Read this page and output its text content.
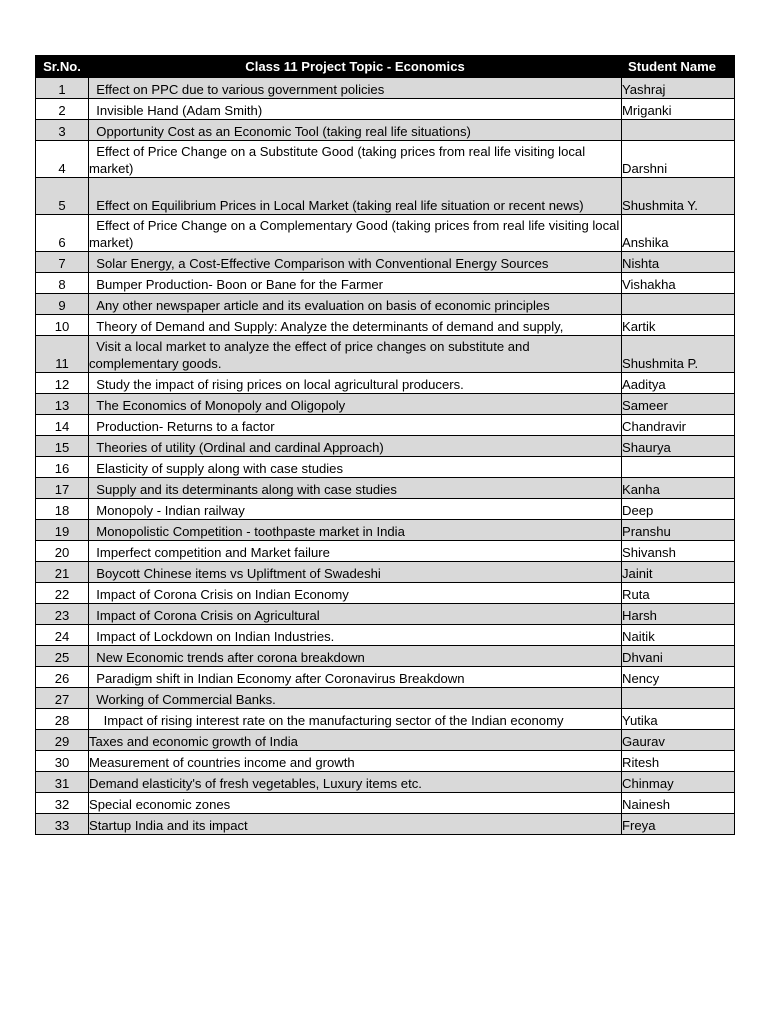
Sr.No.	Class 11 Project Topic - Economics	Student Name
1	Effect on PPC due to various government policies	Yashraj
2	Invisible Hand (Adam Smith)	Mriganki
3	Opportunity Cost as an Economic Tool (taking real life situations)	
4	Effect of Price Change on a Substitute Good (taking prices from real life visiting local market)	Darshni
5	Effect on Equilibrium Prices in Local Market (taking real life situation or recent news)	Shushmita Y.
6	Effect of Price Change on a Complementary Good (taking prices from real life visiting local market)	Anshika
7	Solar Energy, a Cost-Effective Comparison with Conventional Energy Sources	Nishta
8	Bumper Production- Boon or Bane for the Farmer	Vishakha
9	Any other newspaper article and its evaluation on basis of economic principles	
10	Theory of Demand and Supply: Analyze the determinants of demand and supply,	Kartik
11	Visit a local market to analyze the effect of price changes on substitute and complementary goods.	Shushmita P.
12	Study the impact of rising prices on local agricultural producers.	Aaditya
13	The Economics of Monopoly and Oligopoly	Sameer
14	Production- Returns to a factor	Chandravir
15	Theories of utility (Ordinal and cardinal Approach)	Shaurya
16	Elasticity of supply along with case studies	
17	Supply and its determinants along with case studies	Kanha
18	Monopoly - Indian railway	Deep
19	Monopolistic Competition - toothpaste market in India	Pranshu
20	Imperfect competition and Market failure	Shivansh
21	Boycott Chinese items vs Upliftment of Swadeshi	Jainit
22	Impact of Corona Crisis on Indian Economy	Ruta
23	Impact of Corona Crisis on Agricultural	Harsh
24	Impact of Lockdown on Indian Industries.	Naitik
25	New Economic trends after corona breakdown	Dhvani
26	Paradigm shift in Indian Economy after Coronavirus Breakdown	Nency
27	Working of Commercial Banks.	
28	Impact of rising interest rate on the manufacturing sector of the Indian economy	Yutika
29	Taxes and economic growth of India	Gaurav
30	Measurement of countries income and growth	Ritesh
31	Demand elasticity's of fresh vegetables, Luxury items etc.	Chinmay
32	Special economic zones	Nainesh
33	Startup India and its impact	Freya
